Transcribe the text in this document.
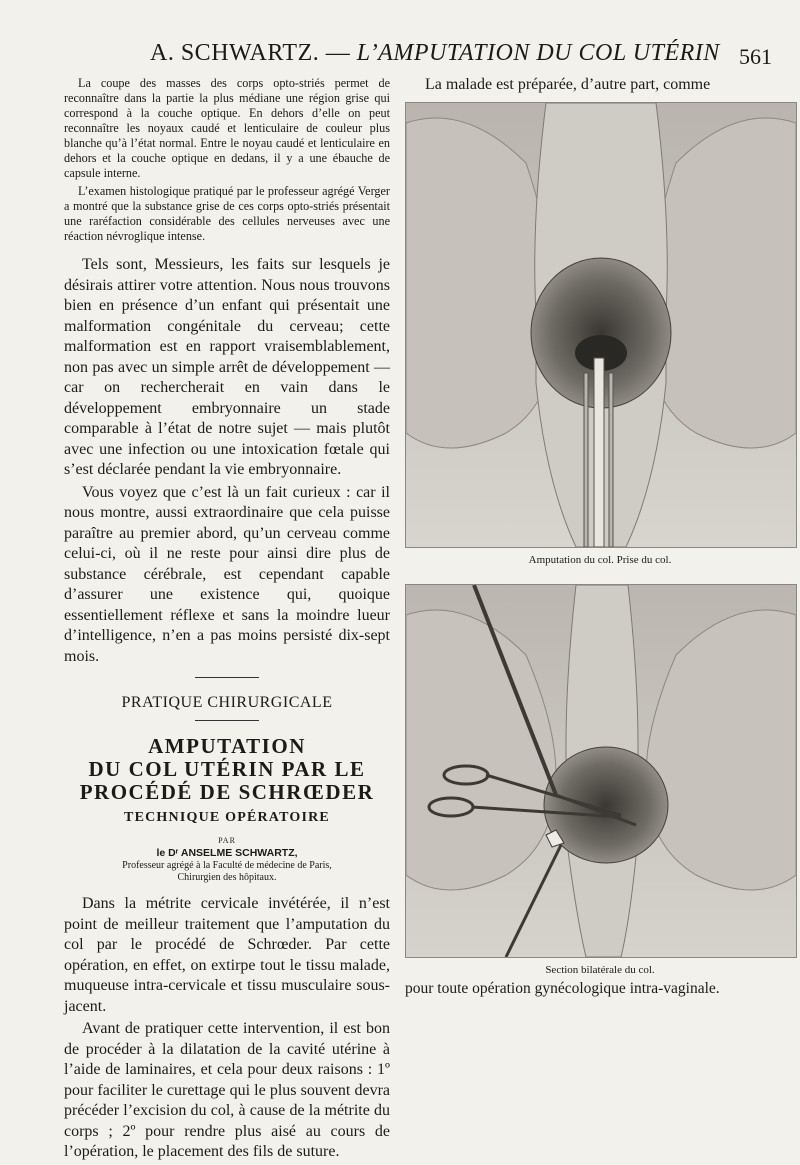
A. SCHWARTZ. — L’AMPUTATION DU COL UTÉRIN 561

La coupe des masses des corps opto-striés permet de reconnaître dans la partie la plus médiane une région grise qui correspond à la couche optique. En dehors d’elle on peut reconnaître les noyaux caudé et lenticulaire de couleur plus blanche qu’à l’état normal. Entre le noyau caudé et lenticulaire en dehors et la couche optique en dedans, il y a une ébauche de capsule interne.

L’examen histologique pratiqué par le professeur agrégé Verger a montré que la substance grise de ces corps opto-striés présentait une raréfaction considérable des cellules nerveuses avec une réaction névroglique intense.

Tels sont, Messieurs, les faits sur lesquels je désirais attirer votre attention. Nous nous trouvons bien en présence d’un enfant qui présentait une malformation congénitale du cerveau; cette malformation est en rapport vraisemblablement, non pas avec un simple arrêt de développement — car on rechercherait en vain dans le développement embryonnaire un stade comparable à l’état de notre sujet — mais plutôt avec une infection ou une intoxication fœtale qui s’est déclarée pendant la vie embryonnaire.

Vous voyez que c’est là un fait curieux : car il nous montre, aussi extraordinaire que cela puisse paraître au premier abord, qu’un cerveau comme celui-ci, où il ne reste pour ainsi dire plus de substance cérébrale, est cependant capable d’assurer une existence qui, quoique essentiellement réflexe et sans la moindre lueur d’intelligence, n’en a pas moins persisté dix-sept mois.

PRATIQUE CHIRURGICALE

AMPUTATION

DU COL UTÉRIN PAR LE

PROCÉDÉ DE SCHRŒDER

TECHNIQUE OPÉRATOIRE

PAR

le Dʳ ANSELME SCHWARTZ,

Professeur agrégé à la Faculté de médecine de Paris,
Chirurgien des hôpitaux.

Dans la métrite cervicale invétérée, il n’est point de meilleur traitement que l’amputation du col par le procédé de Schrœder. Par cette opération, en effet, on extirpe tout le tissu malade, muqueuse intra-cervicale et tissu musculaire sous-jacent.

Avant de pratiquer cette intervention, il est bon de procéder à la dilatation de la cavité utérine à l’aide de laminaires, et cela pour deux raisons : 1º pour faciliter le curettage qui le plus souvent devra précéder l’excision du col, à cause de la métrite du corps ; 2º pour rendre plus aisé au cours de l’opération, le placement des fils de suture.

La malade est préparée, d’autre part, comme

Amputation du col. Prise du col.

Section bilatérale du col.

pour toute opération gynécologique intra-vaginale.
